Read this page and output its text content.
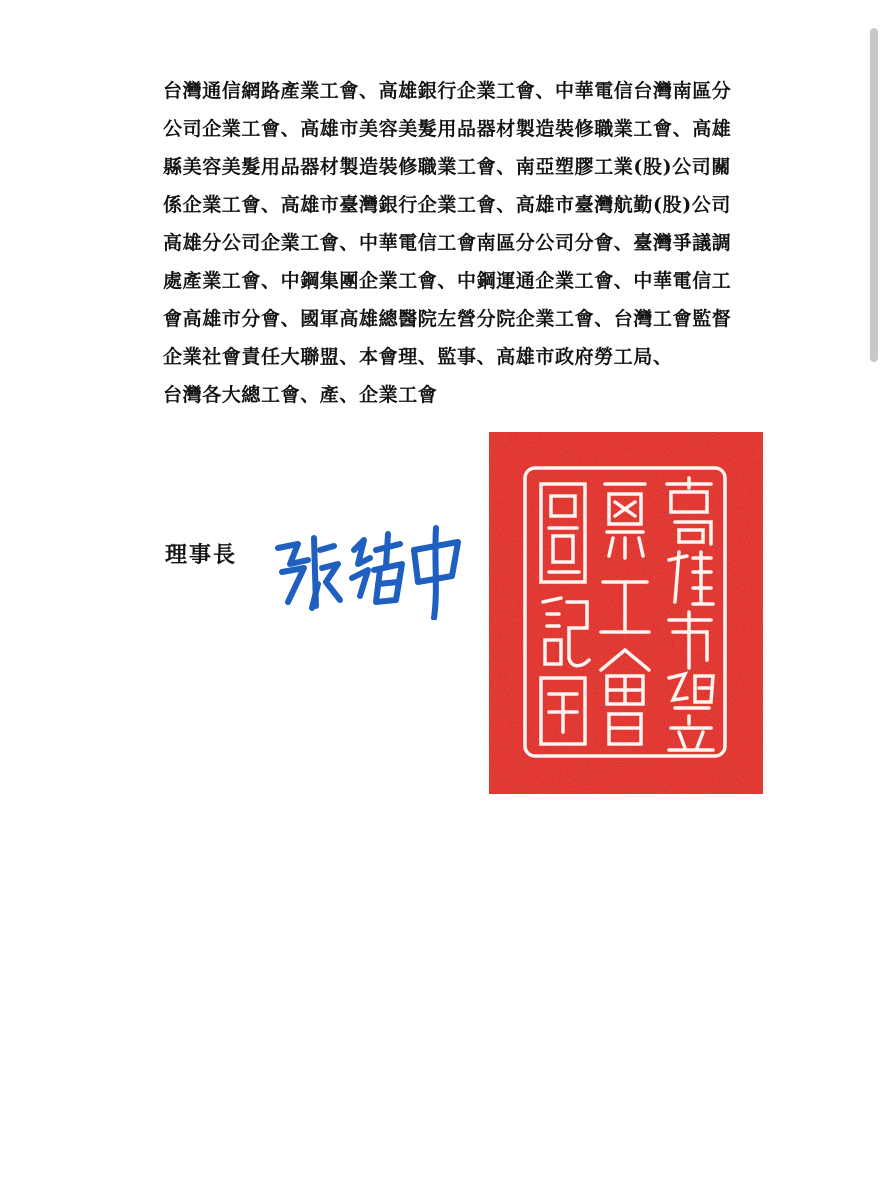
台灣通信網路產業工會、高雄銀行企業工會、中華電信台灣南區分
公司企業工會、高雄市美容美髮用品器材製造裝修職業工會、高雄
縣美容美髮用品器材製造裝修職業工會、南亞塑膠工業(股)公司關
係企業工會、高雄市臺灣銀行企業工會、高雄市臺灣航勤(股)公司
高雄分公司企業工會、中華電信工會南區分公司分會、臺灣爭議調
處產業工會、中鋼集團企業工會、中鋼運通企業工會、中華電信工
會高雄市分會、國軍高雄總醫院左營分院企業工會、台灣工會監督
企業社會責任大聯盟、本會理、監事、高雄市政府勞工局、
台灣各大總工會、產、企業工會
理事長
